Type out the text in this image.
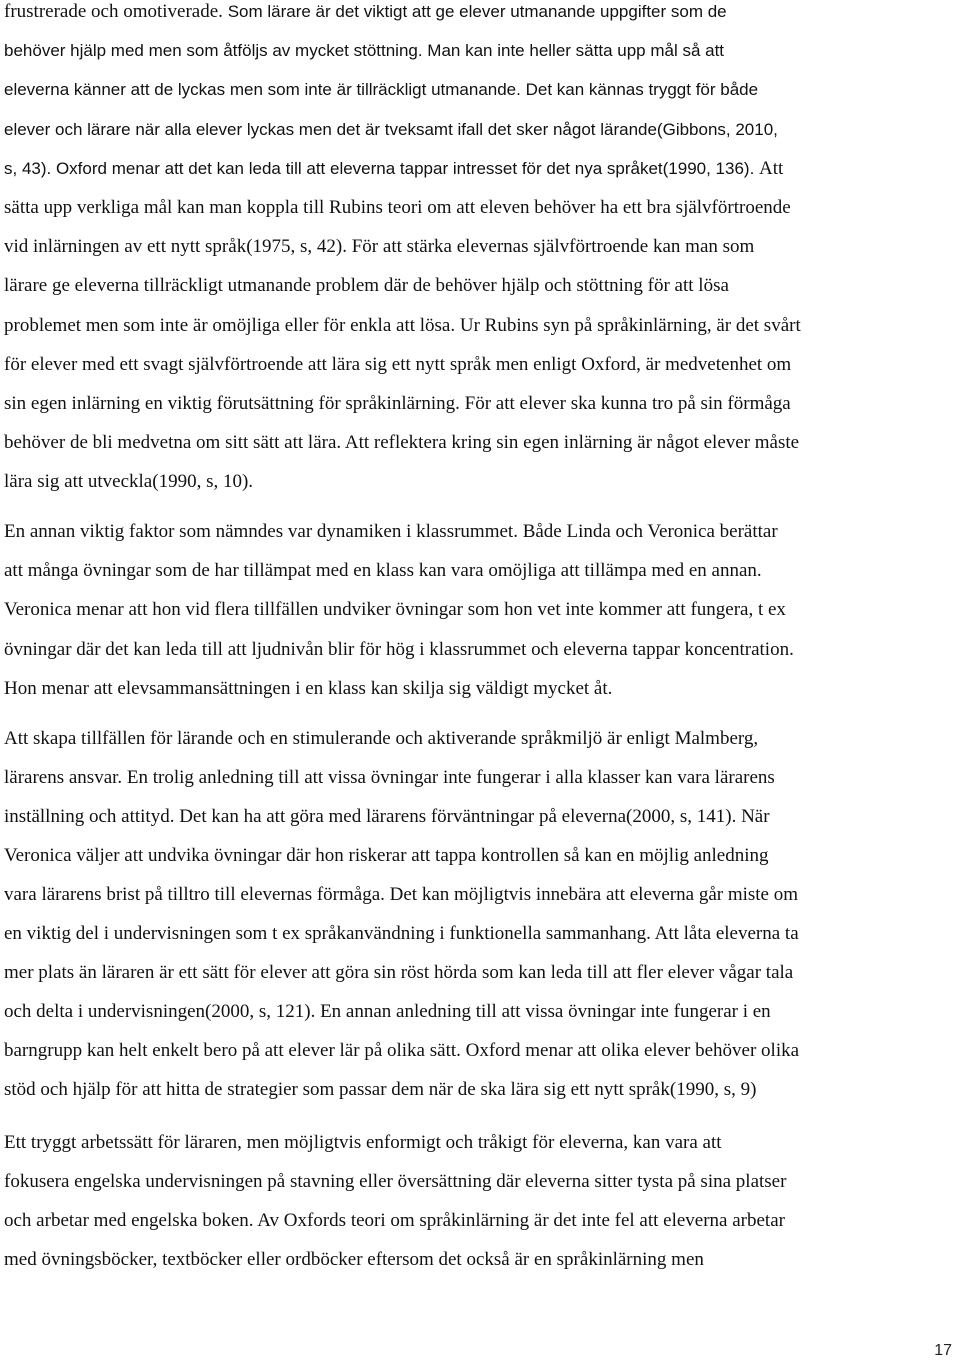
frustrerade och omotiverade. Som lärare är det viktigt att ge elever utmanande uppgifter som de
behöver hjälp med men som åtföljs av mycket stöttning. Man kan inte heller sätta upp mål så att
eleverna känner att de lyckas men som inte är tillräckligt utmanande. Det kan kännas tryggt för både
elever och lärare när alla elever lyckas men det är tveksamt ifall det sker något lärande(Gibbons, 2010,
s, 43). Oxford menar att det kan leda till att eleverna tappar intresset för det nya språket(1990, 136). Att
sätta upp verkliga mål kan man koppla till Rubins teori om att eleven behöver ha ett bra självförtroende
vid inlärningen av ett nytt språk(1975, s, 42). För att stärka elevernas självförtroende kan man som
lärare ge eleverna tillräckligt utmanande problem där de behöver hjälp och stöttning för att lösa
problemet men som inte är omöjliga eller för enkla att lösa. Ur Rubins syn på språkinlärning, är det svårt
för elever med ett svagt självförtroende att lära sig ett nytt språk men enligt Oxford, är medvetenhet om
sin egen inlärning en viktig förutsättning för språkinlärning. För att elever ska kunna tro på sin förmåga
behöver de bli medvetna om sitt sätt att lära. Att reflektera kring sin egen inlärning är något elever måste
lära sig att utveckla(1990, s, 10).
En annan viktig faktor som nämndes var dynamiken i klassrummet. Både Linda och Veronica berättar
att många övningar som de har tillämpat med en klass kan vara omöjliga att tillämpa med en annan.
Veronica menar att hon vid flera tillfällen undviker övningar som hon vet inte kommer att fungera, t ex
övningar där det kan leda till att ljudnivån blir för hög i klassrummet och eleverna tappar koncentration.
Hon menar att elevsammansättningen i en klass kan skilja sig väldigt mycket åt.
Att skapa tillfällen för lärande och en stimulerande och aktiverande språkmiljö är enligt Malmberg,
lärarens ansvar. En trolig anledning till att vissa övningar inte fungerar i alla klasser kan vara lärarens
inställning och attityd. Det kan ha att göra med lärarens förväntningar på eleverna(2000, s, 141). När
Veronica väljer att undvika övningar där hon riskerar att tappa kontrollen så kan en möjlig anledning
vara lärarens brist på tilltro till elevernas förmåga. Det kan möjligtvis innebära att eleverna går miste om
en viktig del i undervisningen som t ex språkanvändning i funktionella sammanhang. Att låta eleverna ta
mer plats än läraren är ett sätt för elever att göra sin röst hörda som kan leda till att fler elever vågar tala
och delta i undervisningen(2000, s, 121). En annan anledning till att vissa övningar inte fungerar i en
barngrupp kan helt enkelt bero på att elever lär på olika sätt. Oxford menar att olika elever behöver olika
stöd och hjälp för att hitta de strategier som passar dem när de ska lära sig ett nytt språk(1990, s, 9)
Ett tryggt arbetssätt för läraren, men möjligtvis enformigt och tråkigt för eleverna, kan vara att
fokusera engelska undervisningen på stavning eller översättning där eleverna sitter tysta på sina platser
och arbetar med engelska boken. Av Oxfords teori om språkinlärning är det inte fel att eleverna arbetar
med övningsböcker, textböcker eller ordböcker eftersom det också är en språkinlärning men
17
